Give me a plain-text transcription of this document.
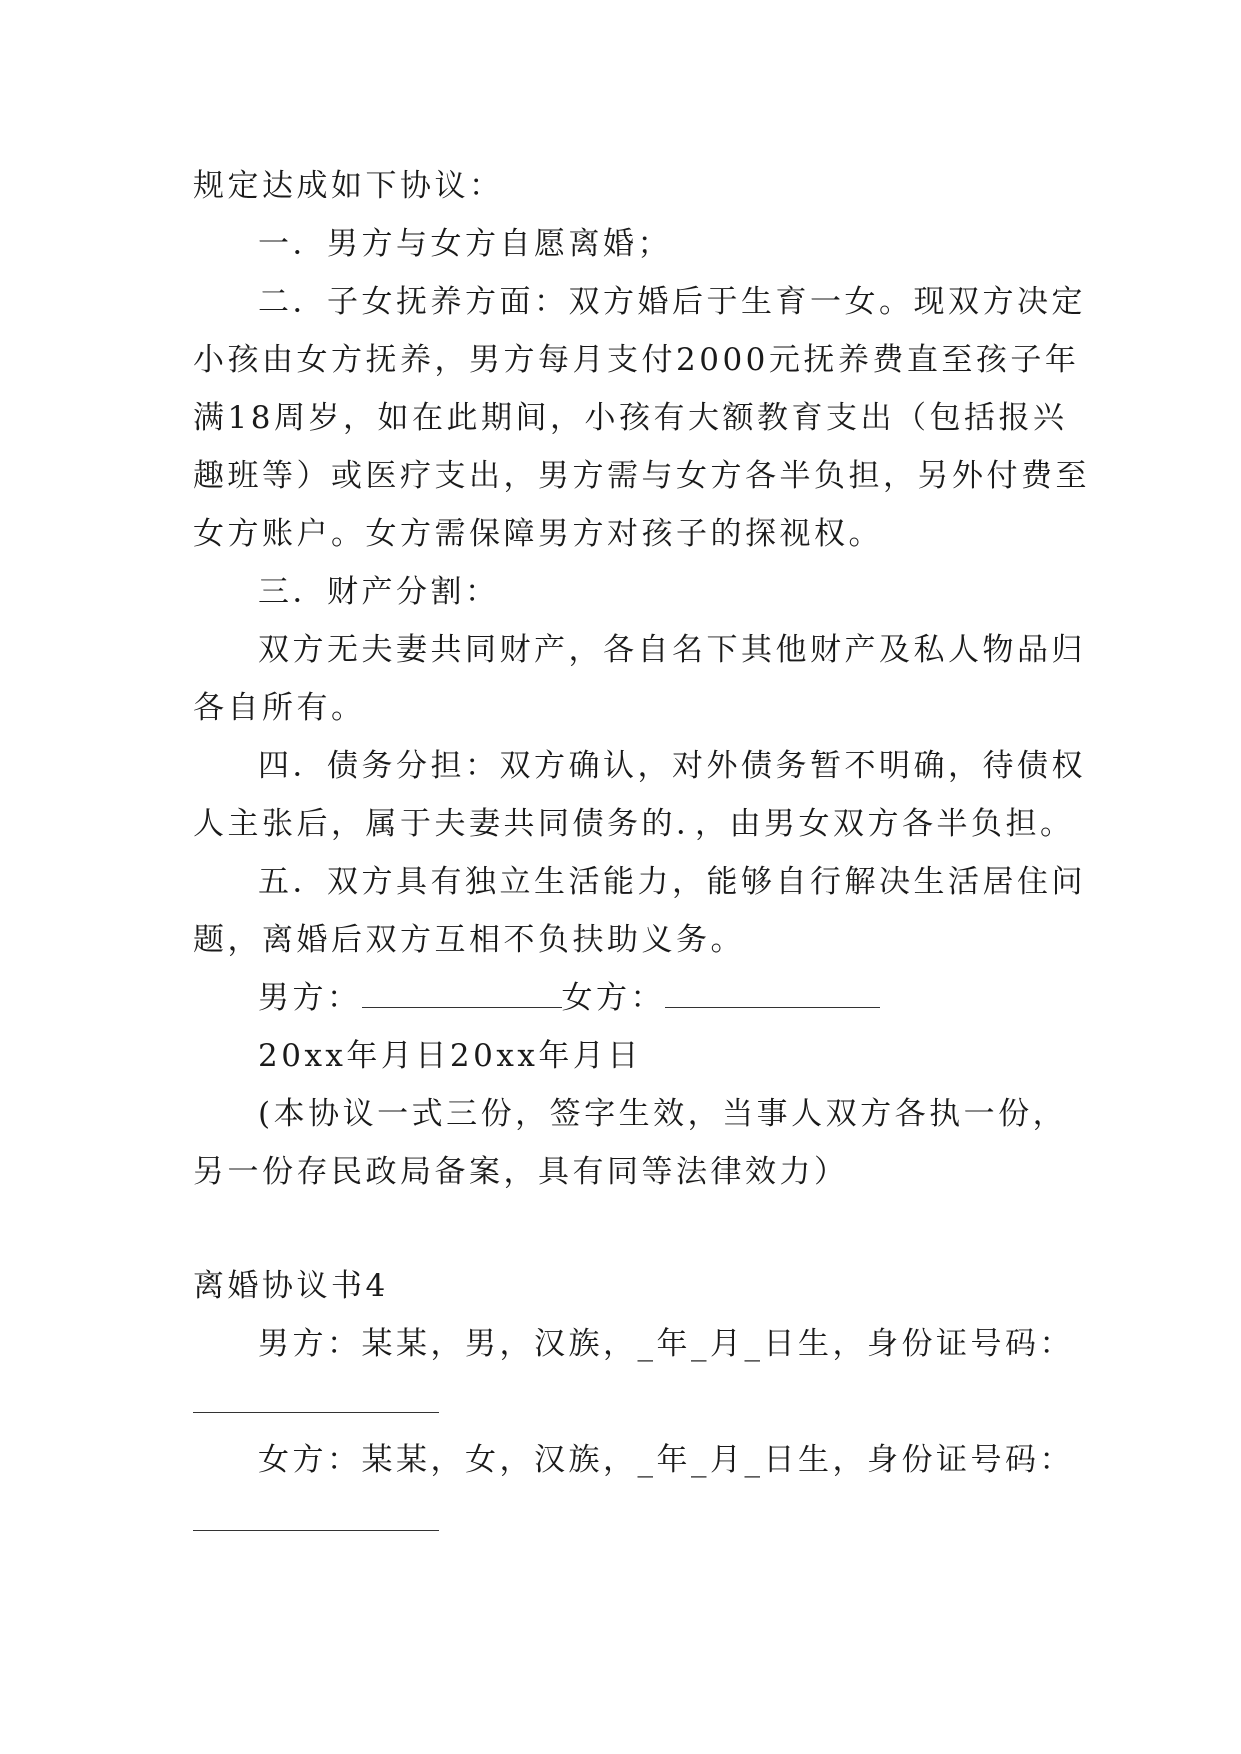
规定达成如下协议：
一．男方与女方自愿离婚；
二．子女抚养方面：双方婚后于生育一女。现双方决定
小孩由女方抚养，男方每月支付2000元抚养费直至孩子年
满18周岁，如在此期间，小孩有大额教育支出（包括报兴
趣班等）或医疗支出，男方需与女方各半负担，另外付费至
女方账户。女方需保障男方对孩子的探视权。
三．财产分割：
双方无夫妻共同财产，各自名下其他财产及私人物品归
各自所有。
四．债务分担：双方确认，对外债务暂不明确，待债权
人主张后，属于夫妻共同债务的．，由男女双方各半负担。
五．双方具有独立生活能力，能够自行解决生活居住问
题，离婚后双方互相不负扶助义务。
男方：	女方：
20xx年月日20xx年月日
(本协议一式三份，签字生效，当事人双方各执一份，
另一份存民政局备案，具有同等法律效力）
离婚协议书4
男方：某某，男，汉族，_年_月_日生，身份证号码：
女方：某某，女，汉族，_年_月_日生，身份证号码：
